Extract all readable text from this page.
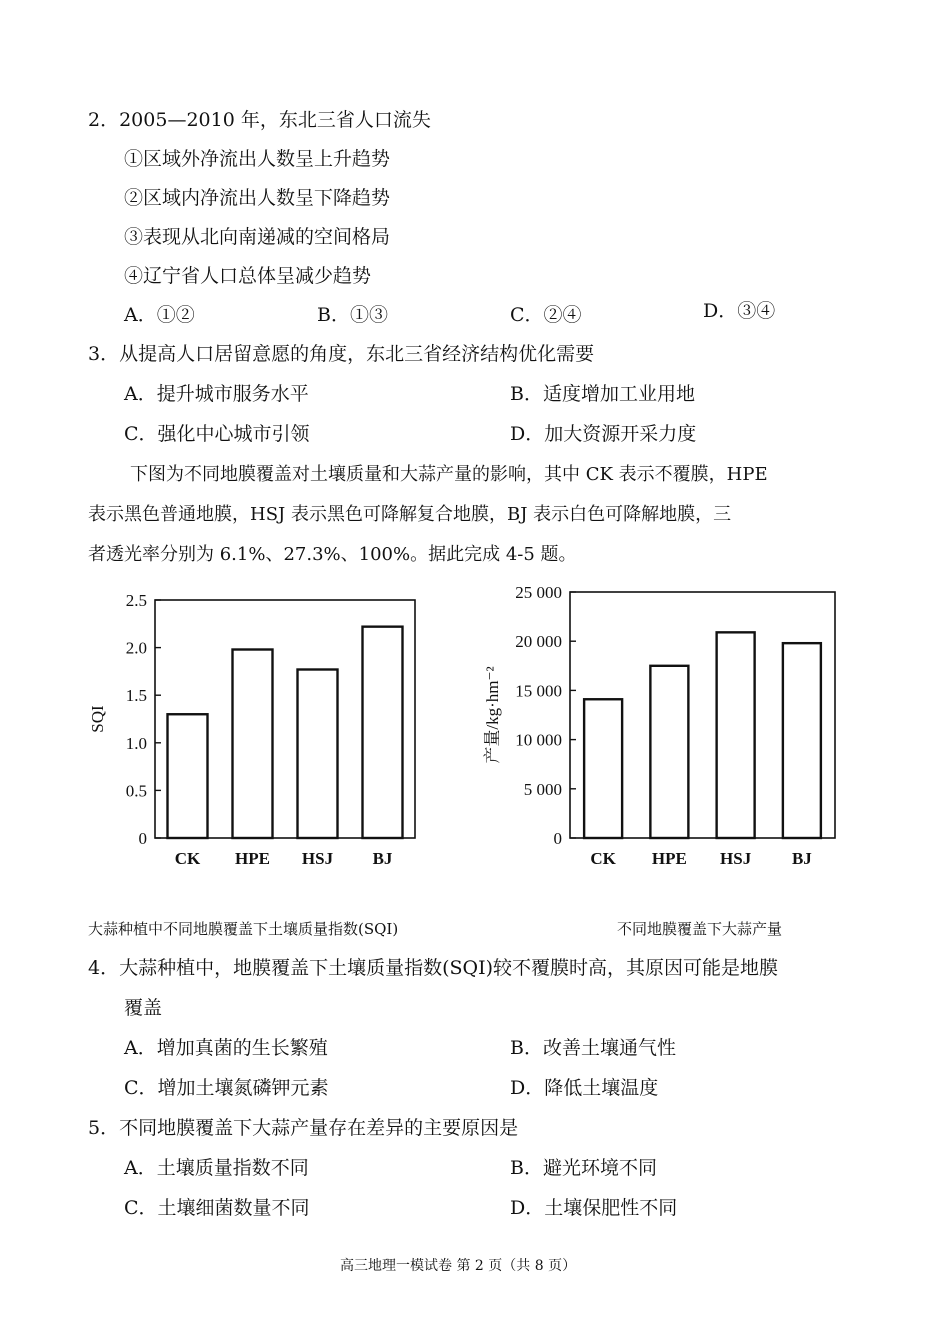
2．2005—2010 年，东北三省人口流失
①区域外净流出人数呈上升趋势
②区域内净流出人数呈下降趋势
③表现从北向南递减的空间格局
④辽宁省人口总体呈减少趋势
A．①②	B．①③	C．②④	D．③④
3．从提高人口居留意愿的角度，东北三省经济结构优化需要
A．提升城市服务水平	B．适度增加工业用地
C．强化中心城市引领	D．加大资源开采力度
下图为不同地膜覆盖对土壤质量和大蒜产量的影响，其中 CK 表示不覆膜，HPE
表示黑色普通地膜，HSJ 表示黑色可降解复合地膜，BJ 表示白色可降解地膜，三
者透光率分别为 6.1%、27.3%、100%。据此完成 4-5 题。
0
0.5
1.0
1.5
2.0
2.5
CK HPE HSJ BJ
SQI
0
5 000
10 000
15 000
20 000
25 000
CK HPE HSJ BJ
产量/kg·hm⁻²
大蒜种植中不同地膜覆盖下土壤质量指数(SQI)	不同地膜覆盖下大蒜产量
4．大蒜种植中，地膜覆盖下土壤质量指数(SQI)较不覆膜时高，其原因可能是地膜
覆盖
A．增加真菌的生长繁殖	B．改善土壤通气性
C．增加土壤氮磷钾元素	D．降低土壤温度
5．不同地膜覆盖下大蒜产量存在差异的主要原因是
A．土壤质量指数不同	B．避光环境不同
C．土壤细菌数量不同	D．土壤保肥性不同
高三地理一模试卷 第 2 页（共 8 页）
